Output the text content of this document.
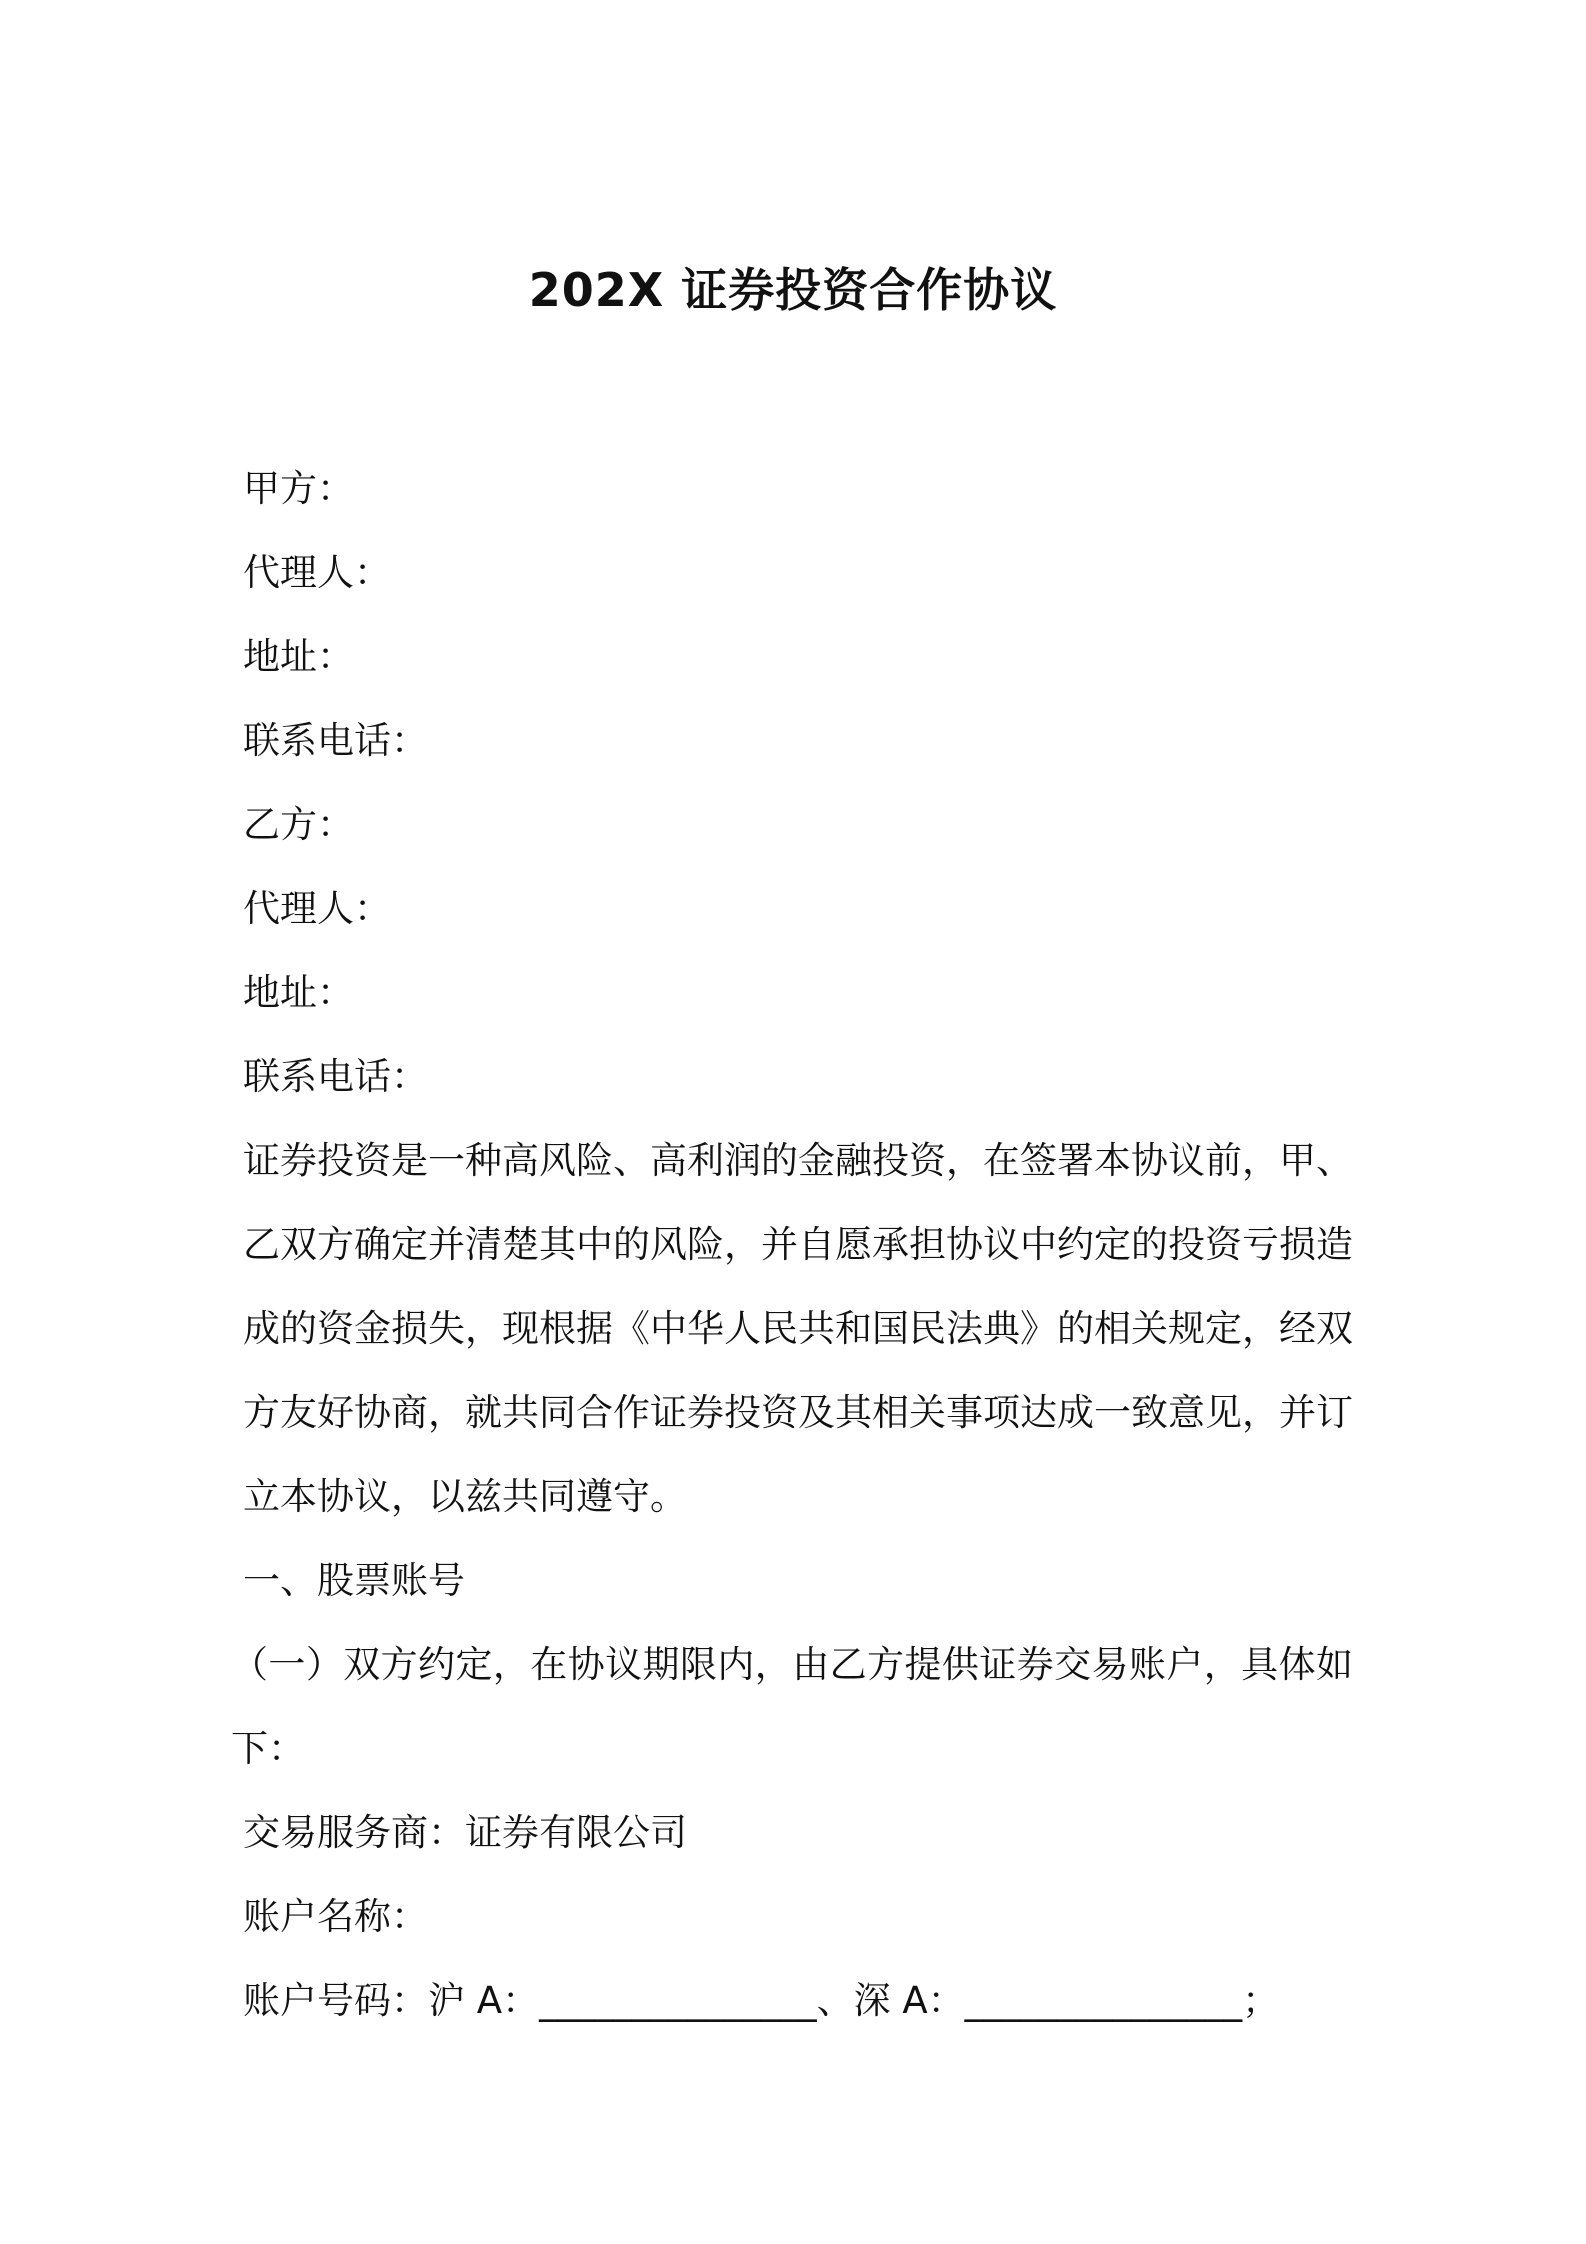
202X 证券投资合作协议
甲方：
代理人：
地址：
联系电话：
乙方：
代理人：
地址：
联系电话：
证券投资是一种高风险、高利润的金融投资，在签署本协议前，甲、乙双方确定并清楚其中的风险，并自愿承担协议中约定的投资亏损造成的资金损失，现根据《中华人民共和国民法典》的相关规定，经双方友好协商，就共同合作证券投资及其相关事项达成一致意见，并订立本协议，以兹共同遵守。
一、股票账号
（一）双方约定，在协议期限内，由乙方提供证券交易账户，具体如下：
交易服务商：证券有限公司
账户名称：
账户号码：沪 A：_______________、深 A：_______________；
